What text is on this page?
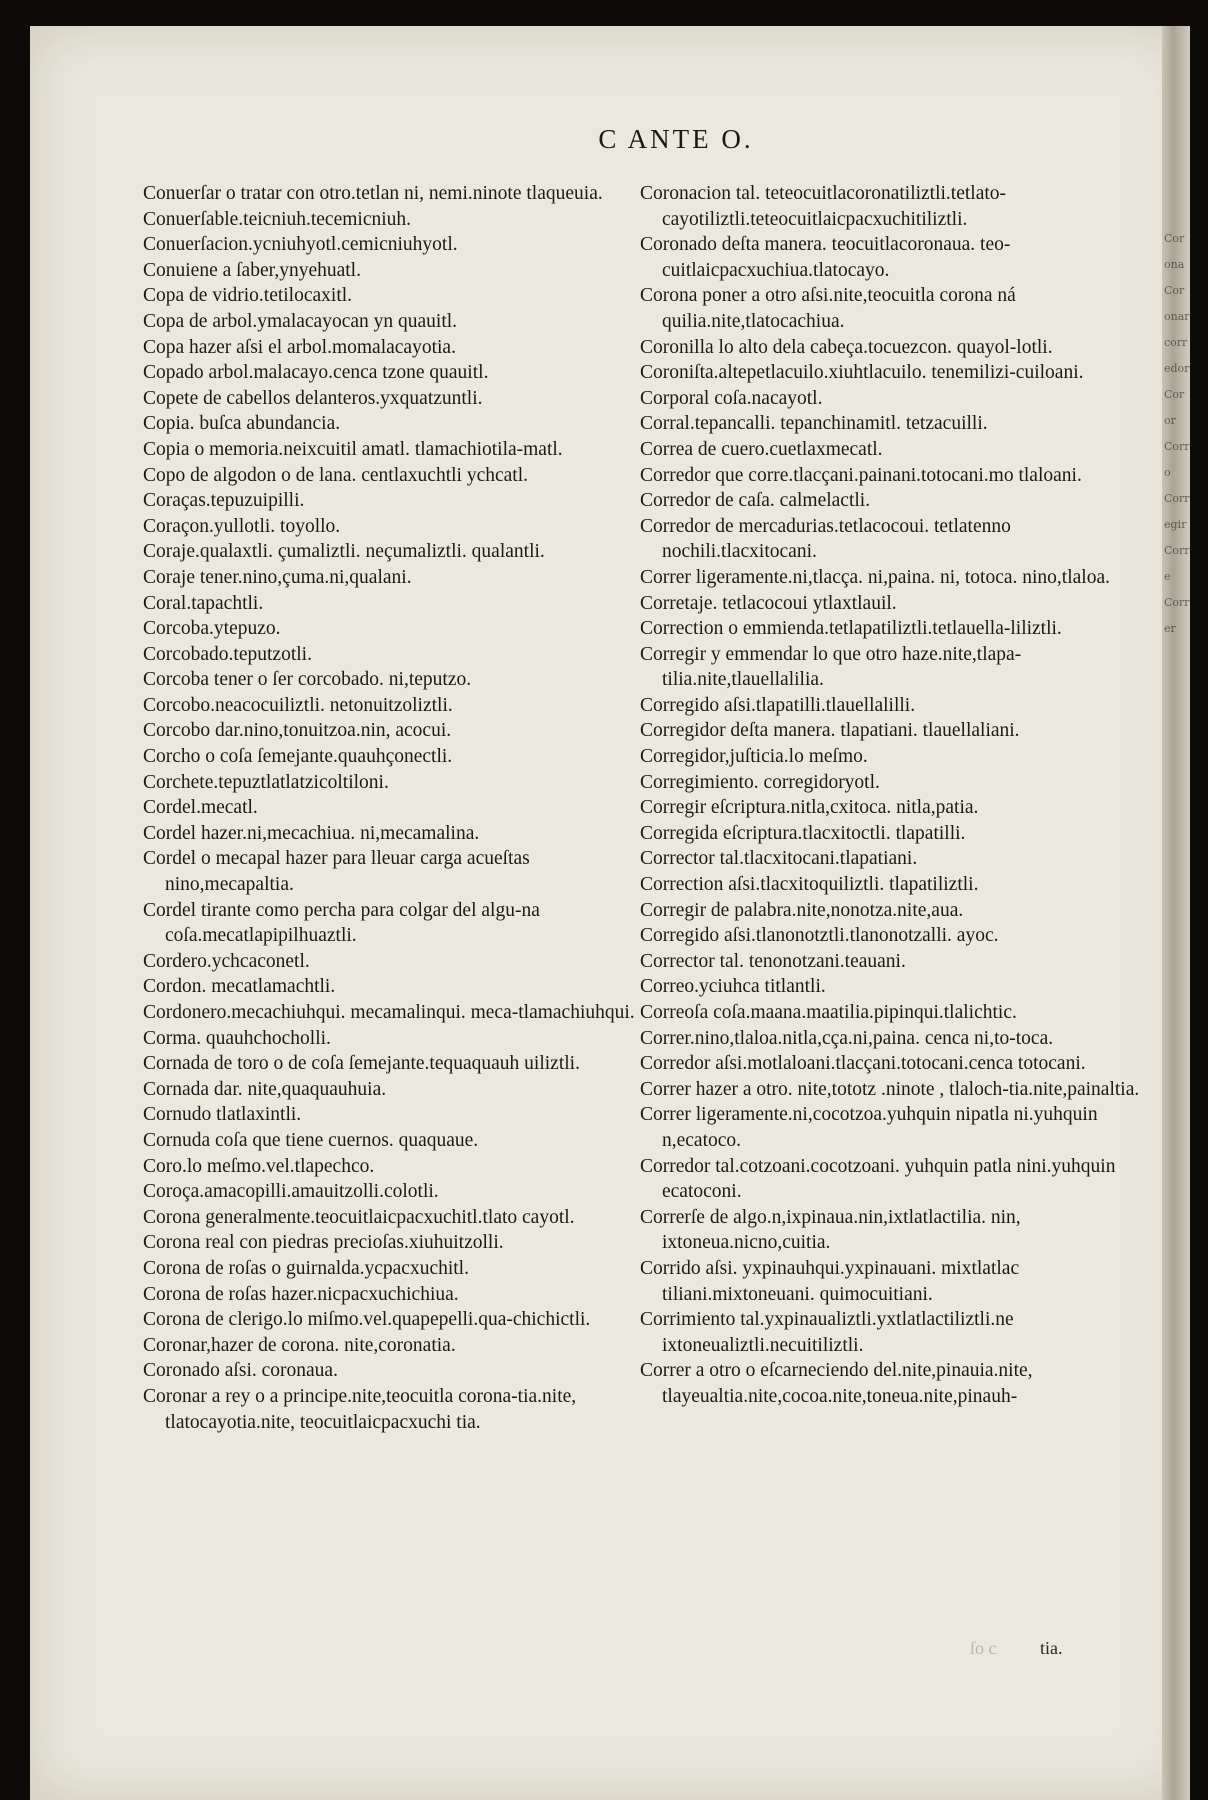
C ANTE O.

Conuerſar o tratar con otro.tetlan ni, nemi.ninote tlaqueuia.

Conuerſable.teicniuh.tecemicniuh.

Conuerſacion.ycniuhyotl.cemicniuhyotl.

Conuiene a ſaber,ynyehuatl.

Copa de vidrio.tetilocaxitl.

Copa de arbol.ymalacayocan yn quauitl.

Copa hazer aſsi el arbol.momalacayotia.

Copado arbol.malacayo.cenca tzone quauitl.

Copete de cabellos delanteros.yxquatzuntli.

Copia. buſca abundancia.

Copia o memoria.neixcuitil amatl. tlamachiotila-matl.

Copo de algodon o de lana. centlaxuchtli ychcatl.

Coraças.tepuzuipilli.

Coraçon.yullotli. toyollo.

Coraje.qualaxtli. çumaliztli. neçumaliztli. qualantli.

Coraje tener.nino,çuma.ni,qualani.

Coral.tapachtli.

Corcoba.ytepuzo.

Corcobado.teputzotli.

Corcoba tener o ſer corcobado. ni,teputzo.

Corcobo.neacocuiliztli. netonuitzoliztli.

Corcobo dar.nino,tonuitzoa.nin, acocui.

Corcho o coſa ſemejante.quauhçonectli.

Corchete.tepuztlatlatzicoltiloni.

Cordel.mecatl.

Cordel hazer.ni,mecachiua. ni,mecamalina.

Cordel o mecapal hazer para lleuar carga acueſtas nino,mecapaltia.

Cordel tirante como percha para colgar del algu-na coſa.mecatlapipilhuaztli.

Cordero.ychcaconetl.

Cordon. mecatlamachtli.

Cordonero.mecachiuhqui. mecamalinqui. meca-tlamachiuhqui.

Corma. quauhchocholli.

Cornada de toro o de coſa ſemejante.tequaquauh uiliztli.

Cornada dar. nite,quaquauhuia.

Cornudo tlatlaxintli.

Cornuda coſa que tiene cuernos. quaquaue.

Coro.lo meſmo.vel.tlapechco.

Coroça.amacopilli.amauitzolli.colotli.

Corona generalmente.teocuitlaicpacxuchitl.tlato cayotl.

Corona real con piedras precioſas.xiuhuitzolli.

Corona de roſas o guirnalda.ycpacxuchitl.

Corona de roſas hazer.nicpacxuchichiua.

Corona de clerigo.lo miſmo.vel.quapepelli.qua-chichictli.

Coronar,hazer de corona. nite,coronatia.

Coronado aſsi. coronaua.

Coronar a rey o a principe.nite,teocuitla corona-tia.nite, tlatocayotia.nite, teocuitlaicpacxuchi tia.

Coronacion tal. teteocuitlacoronatiliztli.tetlato-cayotiliztli.teteocuitlaicpacxuchitiliztli.

Coronado deſta manera. teocuitlacoronaua. teo-cuitlaicpacxuchiua.tlatocayo.

Corona poner a otro aſsi.nite,teocuitla corona ná quilia.nite,tlatocachiua.

Coronilla lo alto dela cabeça.tocuezcon. quayol-lotli.

Coroniſta.altepetlacuilo.xiuhtlacuilo. tenemilizi-cuiloani.

Corporal coſa.nacayotl.

Corral.tepancalli. tepanchinamitl. tetzacuilli.

Correa de cuero.cuetlaxmecatl.

Corredor que corre.tlacçani.painani.totocani.mo tlaloani.

Corredor de caſa. calmelactli.

Corredor de mercadurias.tetlacocoui. tetlatenno nochili.tlacxitocani.

Correr ligeramente.ni,tlacça. ni,paina. ni, totoca. nino,tlaloa.

Corretaje. tetlacocoui ytlaxtlauil.

Correction o emmienda.tetlapatiliztli.tetlauella-liliztli.

Corregir y emmendar lo que otro haze.nite,tlapa-tilia.nite,tlauellalilia.

Corregido aſsi.tlapatilli.tlauellalilli.

Corregidor deſta manera. tlapatiani. tlauellaliani.

Corregidor,juſticia.lo meſmo.

Corregimiento. corregidoryotl.

Corregir eſcriptura.nitla,cxitoca. nitla,patia.

Corregida eſcriptura.tlacxitoctli. tlapatilli.

Corrector tal.tlacxitocani.tlapatiani.

Correction aſsi.tlacxitoquiliztli. tlapatiliztli.

Corregir de palabra.nite,nonotza.nite,aua.

Corregido aſsi.tlanonotztli.tlanonotzalli. ayoc.

Corrector tal. tenonotzani.teauani.

Correo.yciuhca titlantli.

Correoſa coſa.maana.maatilia.pipinqui.tlalichtic.

Correr.nino,tlaloa.nitla,cça.ni,paina. cenca ni,to-toca.

Corredor aſsi.motlaloani.tlacçani.totocani.cenca totocani.

Correr hazer a otro. nite,tototz .ninote , tlaloch-tia.nite,painaltia.

Correr ligeramente.ni,cocotzoa.yuhquin nipatla ni.yuhquin n,ecatoco.

Corredor tal.cotzoani.cocotzoani. yuhquin patla nini.yuhquin ecatoconi.

Correrſe de algo.n,ixpinaua.nin,ixtlatlactilia. nin, ixtoneua.nicno,cuitia.

Corrido aſsi. yxpinauhqui.yxpinauani. mixtlatlac tiliani.mixtoneuani. quimocuitiani.

Corrimiento tal.yxpinaualiztli.yxtlatlactiliztli.ne ixtoneualiztli.necuitiliztli.

Correr a otro o eſcarneciendo del.nite,pinauia.nite, tlayeualtia.nite,cocoa.nite,toneua.nite,pinauh-

ſo c tia.
Corona Coronar corredor Coror Corro Corregir Corre Correr
